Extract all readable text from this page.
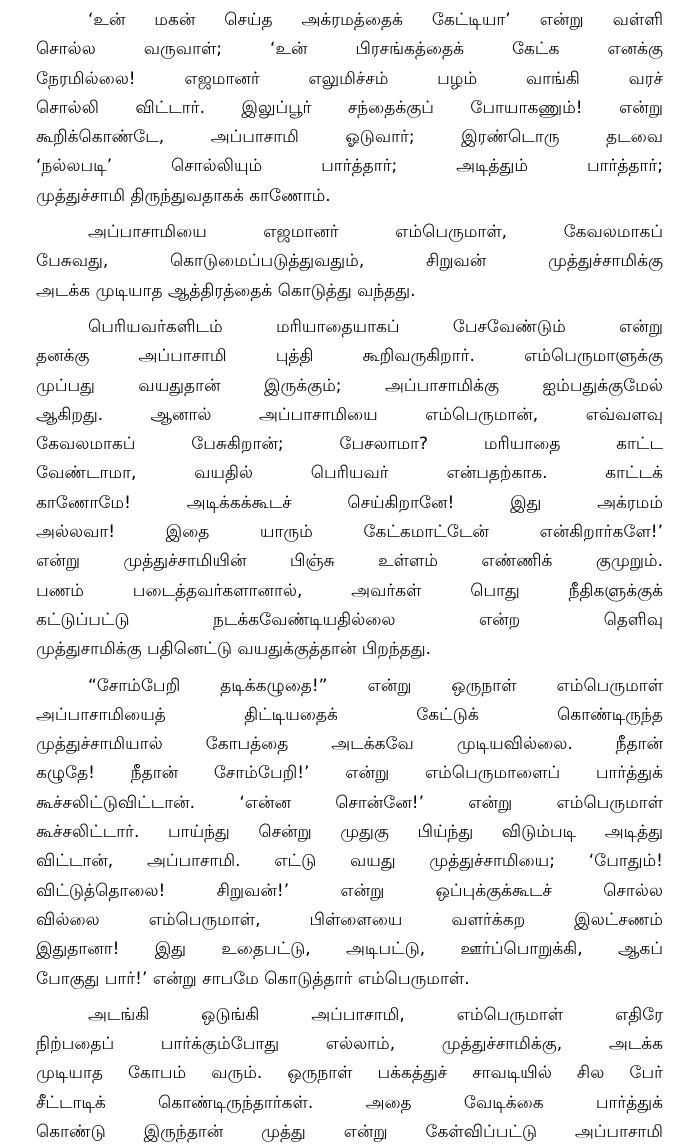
‘உன் மகன் செய்த அக்ரமத்தைக் கேட்டியா’ என்று வள்ளி
சொல்ல வருவாள்; ‘உன் பிரசங்கத்தைக் கேட்க எனக்கு
நேரமில்லை! எஜமானர் எலுமிச்சம் பழம் வாங்கி வரச்
சொல்லி விட்டார். இலுப்பூர் சந்தைக்குப் போயாகணும்! என்று
கூறிக்கொண்டே, அப்பாசாமி ஓடுவார்; இரண்டொரு தடவை
‘நல்லபடி’ சொல்லியும் பார்த்தார்; அடித்தும் பார்த்தார்;
முத்துச்சாமி திருந்துவதாகக் காணோம்.
அப்பாசாமியை எஜமானர் எம்பெருமாள், கேவலமாகப்
பேசுவது, கொடுமைப்படுத்துவதும், சிறுவன் முத்துச்சாமிக்கு
அடக்க முடியாத ஆத்திரத்தைக் கொடுத்து வந்தது.
பெரியவர்களிடம் மரியாதையாகப் பேசவேண்டும் என்று
தனக்கு அப்பாசாமி புத்தி கூறிவருகிறார். எம்பெருமாளுக்கு
முப்பது வயதுதான் இருக்கும்; அப்பாசாமிக்கு ஐம்பதுக்குமேல்
ஆகிறது. ஆனால் அப்பாசாமியை எம்பெருமான், எவ்வளவு
கேவலமாகப் பேசுகிறான்; பேசலாமா? மரியாதை காட்ட
வேண்டாமா, வயதில் பெரியவர் என்பதற்காக. காட்டக்
காணோமே! அடிக்கக்கூடச் செய்கிறானே! இது அக்ரமம்
அல்லவா! இதை யாரும் கேட்கமாட்டேன் என்கிறார்களே!’
என்று முத்துச்சாமியின் பிஞ்சு உள்ளம் எண்ணிக் குமுறும்.
பணம் படைத்தவர்களானால், அவர்கள் பொது நீதிகளுக்குக்
கட்டுப்பட்டு நடக்கவேண்டியதில்லை என்ற தெளிவு
முத்துசாமிக்கு பதினெட்டு வயதுக்குத்தான் பிறந்தது.
“சோம்பேறி தடிக்கழுதை!” என்று ஒருநாள் எம்பெருமாள்
அப்பாசாமியைத் திட்டியதைக் கேட்டுக் கொண்டிருந்த
முத்துச்சாமியால் கோபத்தை அடக்கவே முடியவில்லை. நீதான்
கழுதே! நீதான் சோம்பேறி!’ என்று எம்பெருமாளைப் பார்த்துக்
கூச்சலிட்டுவிட்டான். ‘என்ன சொன்னே!’ என்று எம்பெருமாள்
கூச்சலிட்டார். பாய்ந்து சென்று முதுகு பிய்ந்து விடும்படி அடித்து
விட்டான், அப்பாசாமி. எட்டு வயது முத்துச்சாமியை; ‘போதும்!
விட்டுத்தொலை! சிறுவன்!’ என்று ஒப்புக்குக்கூடச் சொல்ல
வில்லை எம்பெருமாள், பிள்ளையை வளர்க்கற இலட்சணம்
இதுதானா! இது உதைபட்டு, அடிபட்டு, ஊர்ப்பொறுக்கி, ஆகப்
போகுது பார்!’ என்று சாபமே கொடுத்தார் எம்பெருமாள்.
அடங்கி ஒடுங்கி அப்பாசாமி, எம்பெருமாள் எதிரே
நிற்பதைப் பார்க்கும்போது எல்லாம், முத்துச்சாமிக்கு, அடக்க
முடியாத கோபம் வரும். ஒருநாள் பக்கத்துச் சாவடியில் சில பேர்
சீட்டாடிக் கொண்டிருந்தார்கள். அதை வேடிக்கை பார்த்துக்
கொண்டு இருந்தான் முத்து என்று கேள்விப்பட்டு அப்பாசாமி
